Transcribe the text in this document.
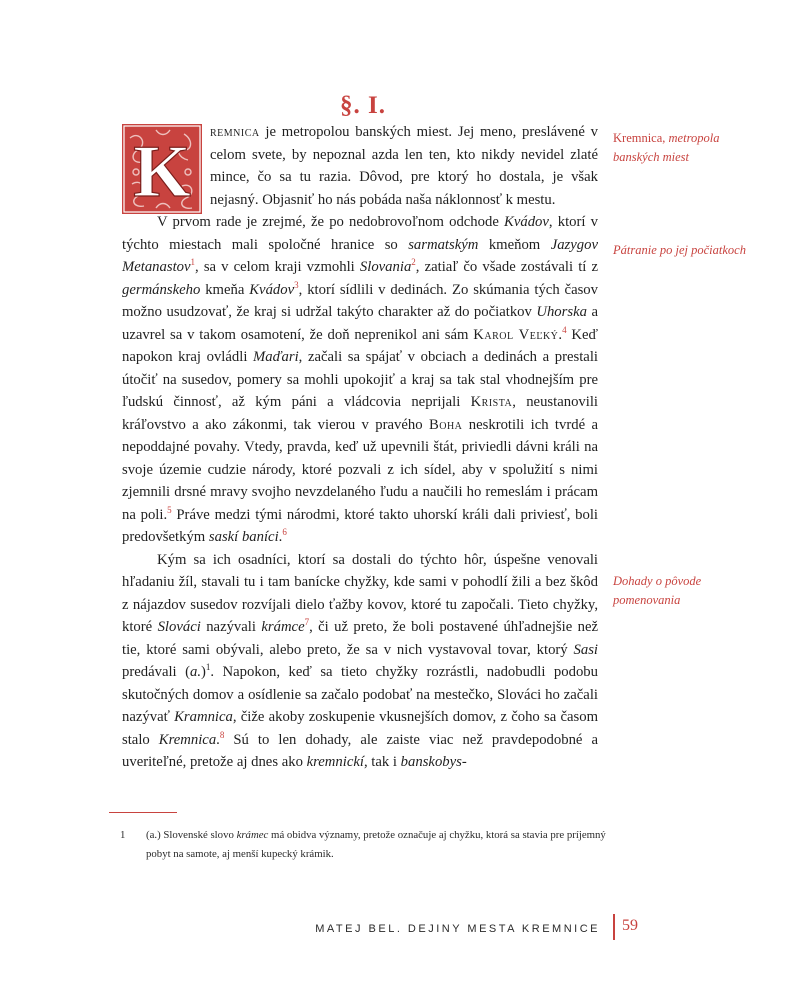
§. I.
K	remnica je metropolou banských miest. Jej meno, preslávené v celom svete, by nepoznal azda len ten, kto nikdy nevidel zlaté mince, čo sa tu razia. Dôvod, pre ktorý ho dostala, je však nejasný. Objasniť ho nás pobáda naša náklonnosť k mestu.

V prvom rade je zrejmé, že po nedobrovoľnom odchode Kvádov, ktorí v týchto miestach mali spoločné hranice so sarmatským kmeňom Jazygov Metanastov$^1$, sa v celom kraji vzmohli Slovania$^2$, zatiaľ čo všade zostávali tí z germánskeho kmeňa Kvádov$^3$, ktorí sídlili v dedinách. Zo skúmania tých časov možno usudzovať, že kraj si udržal takýto charakter až do počiatkov Uhorska a uzavrel sa v takom osamotení, že doň neprenikol ani sám Karol Veľký.$^4$ Keď napokon kraj ovládli Maďari, začali sa spájať v obciach a dedinách a prestali útočiť na susedov, pomery sa mohli upokojiť a kraj sa tak stal vhodnejším pre ľudskú činnosť, až kým páni a vládcovia neprijali Krista, neustanovili kráľovstvo a ako zákonmi, tak vierou v pravého Boha neskrotili ich tvrdé a nepoddajné povahy. Vtedy, pravda, keď už upevnili štát, priviedli dávni králi na svoje územie cudzie národy, ktoré pozvali z ich sídel, aby v spolužití s nimi zjemnili drsné mravy svojho nevzdelaného ľudu a naučili ho remeslám i prácam na poli.$^5$ Práve medzi tými národmi, ktoré takto uhorskí králi dali priviesť, boli predovšetkým saskí baníci.$^6$

Kým sa ich osadníci, ktorí sa dostali do týchto hôr, úspešne venovali hľadaniu žíl, stavali tu i tam banícke chyžky, kde sami v pohodlí žili a bez škôd z nájazdov susedov rozvíjali dielo ťažby kovov, ktoré tu započali. Tieto chyžky, ktoré Slováci nazývali krámce$^7$, či už preto, že boli postavené úhľadnejšie než tie, ktoré sami obývali, alebo preto, že sa v nich vystavoval tovar, ktorý Sasi predávali $(a.)^1$. Napokon, keď sa tieto chyžky rozrástli, nadobudli podobu skutočných domov a osídlenie sa začalo podobať na mestečko, Slováci ho začali nazývať Kramnica, čiže akoby zoskupenie vkusnejších domov, z čoho sa časom stalo Kremnica.$^8$ Sú to len dohady, ale zaiste viac než pravdepodobné a uveriteľné, pretože aj dnes ako kremnickí, tak i banskobys-

Kremnica, metropola banských miest

Pátranie po jej počiatkoch

Dohady o pôvode pomenovania

1	(a.) Slovenské slovo krámec má obidva významy, pretože označuje aj chyžku, ktorá sa stavia pre príjemný pobyt na samote, aj menší kupecký krámik.
MATEJ BEL. DEJINY MESTA KREMNICE 59
